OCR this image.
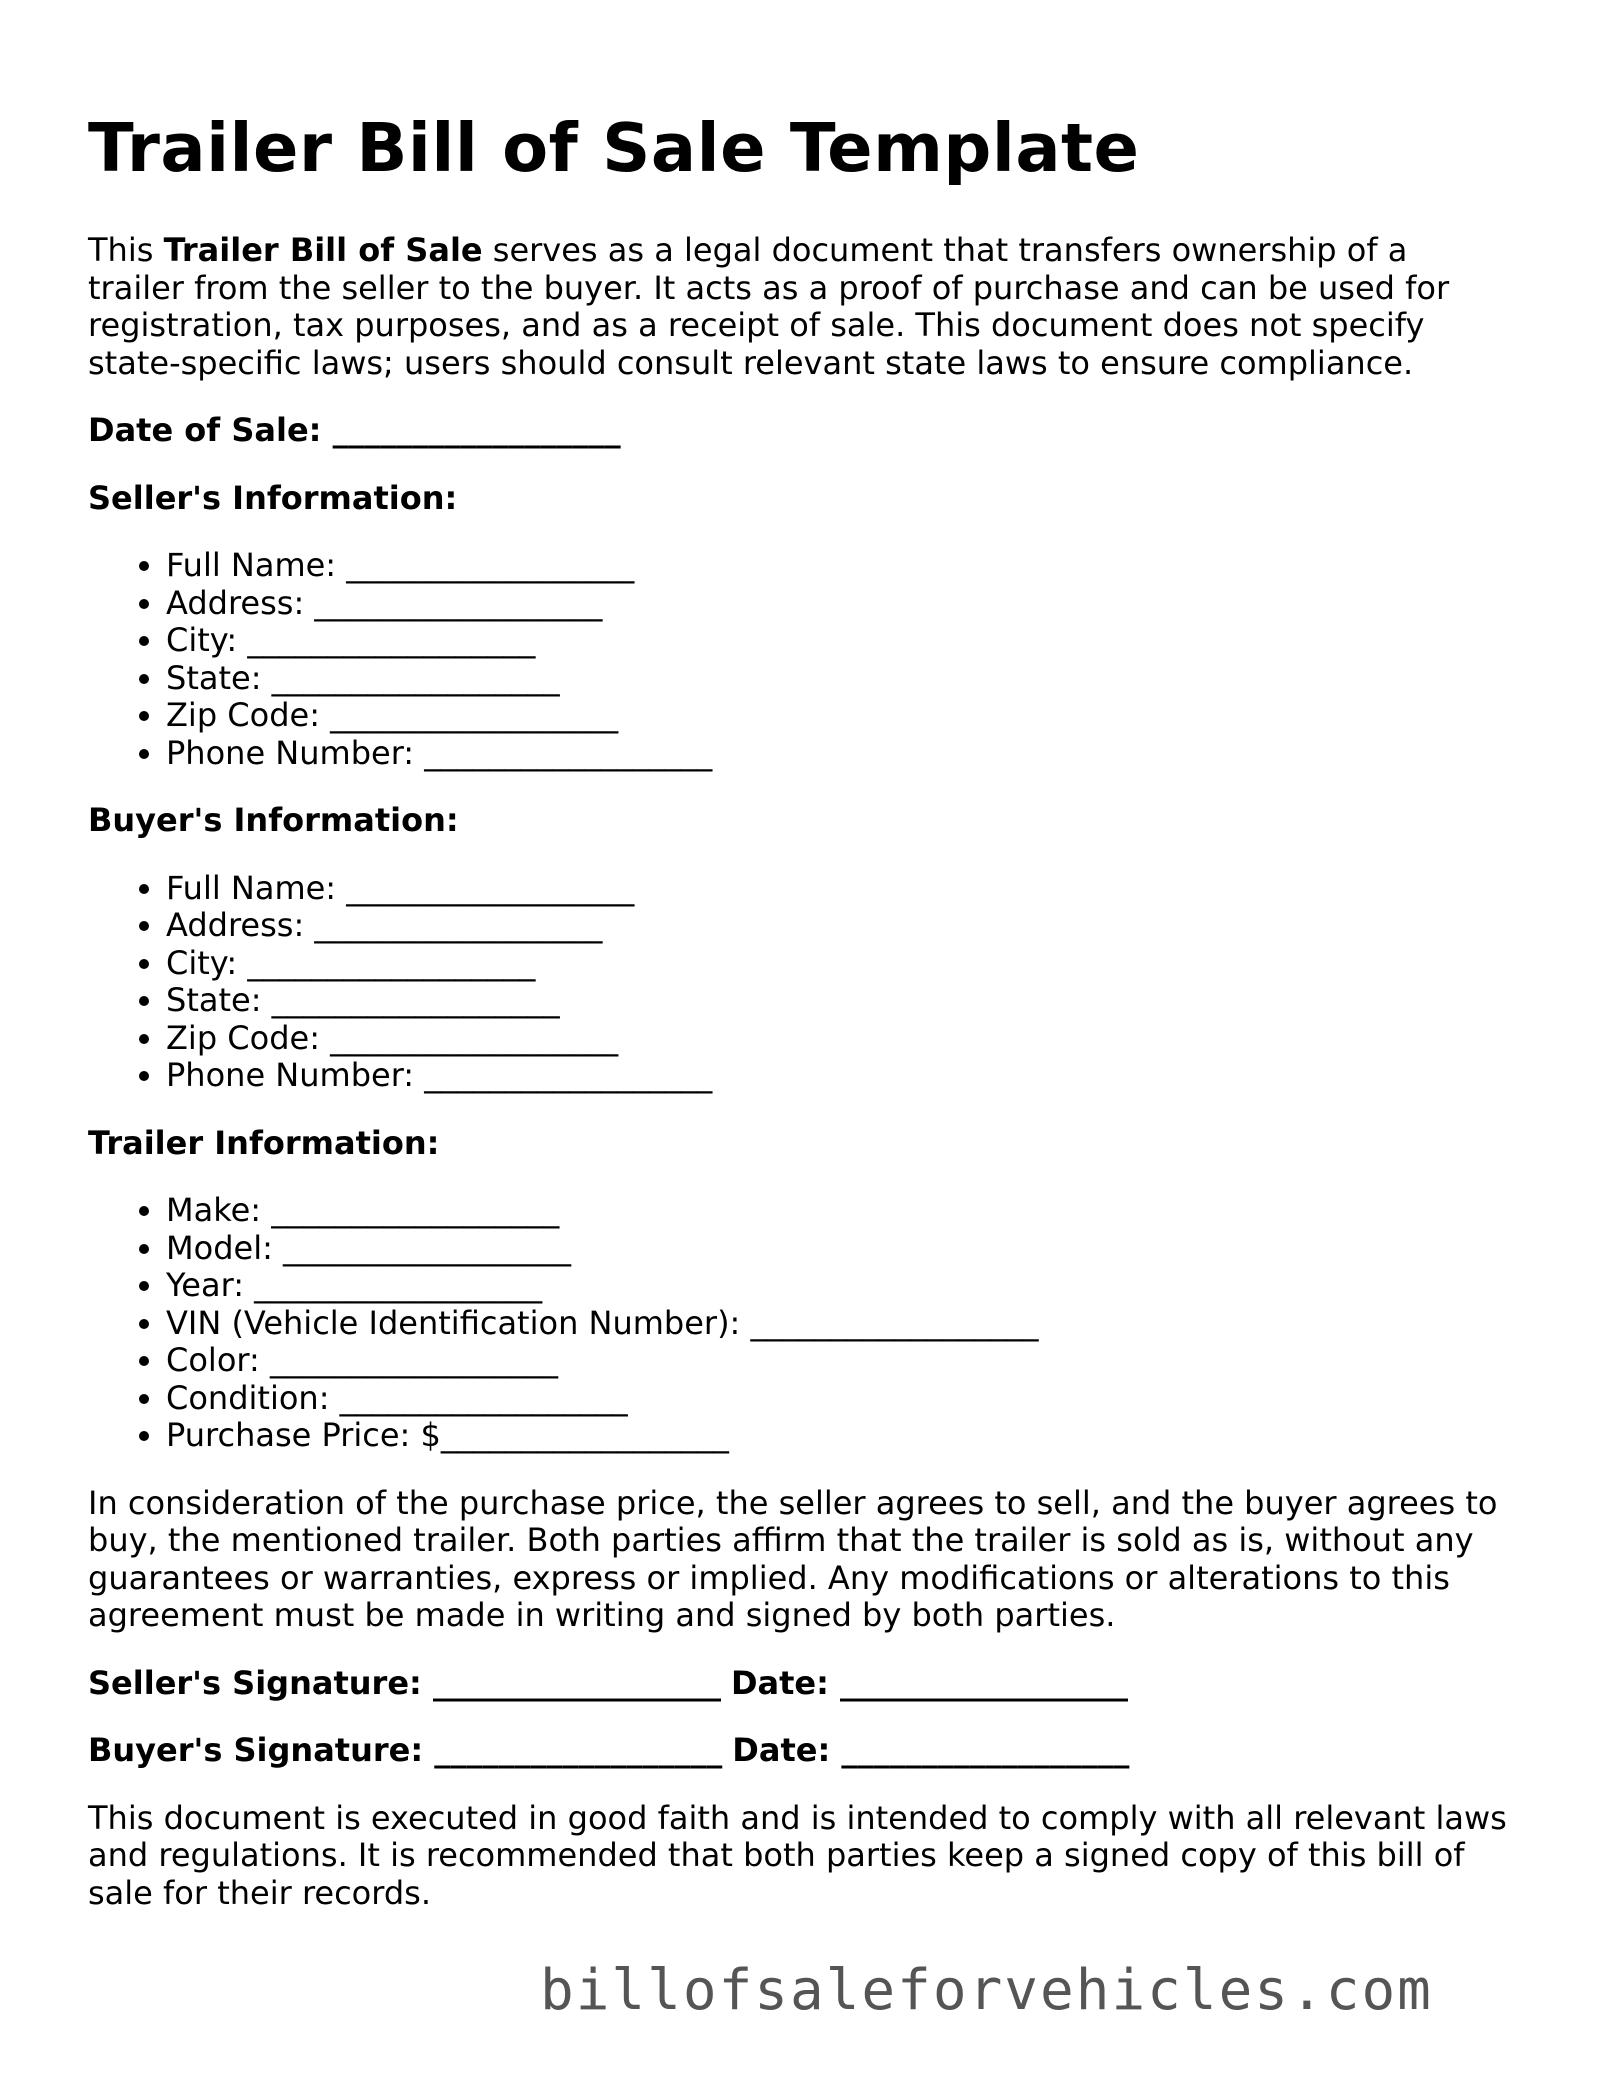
Trailer Bill of Sale Template

This Trailer Bill of Sale serves as a legal document that transfers ownership of a trailer from the seller to the buyer. It acts as a proof of purchase and can be used for registration, tax purposes, and as a receipt of sale. This document does not specify state-specific laws; users should consult relevant state laws to ensure compliance.

Date of Sale: __________________

Seller's Information:

• Full Name: __________________
• Address: __________________
• City: __________________
• State: __________________
• Zip Code: __________________
• Phone Number: __________________

Buyer's Information:

• Full Name: __________________
• Address: __________________
• City: __________________
• State: __________________
• Zip Code: __________________
• Phone Number: __________________

Trailer Information:

• Make: __________________
• Model: __________________
• Year: __________________
• VIN (Vehicle Identification Number): __________________
• Color: __________________
• Condition: __________________
• Purchase Price: $__________________

In consideration of the purchase price, the seller agrees to sell, and the buyer agrees to buy, the mentioned trailer. Both parties affirm that the trailer is sold as is, without any guarantees or warranties, express or implied. Any modifications or alterations to this agreement must be made in writing and signed by both parties.

Seller's Signature: __________________ Date: __________________

Buyer's Signature: __________________ Date: __________________

This document is executed in good faith and is intended to comply with all relevant laws and regulations. It is recommended that both parties keep a signed copy of this bill of sale for their records.

billofsaleforvehicles.com
